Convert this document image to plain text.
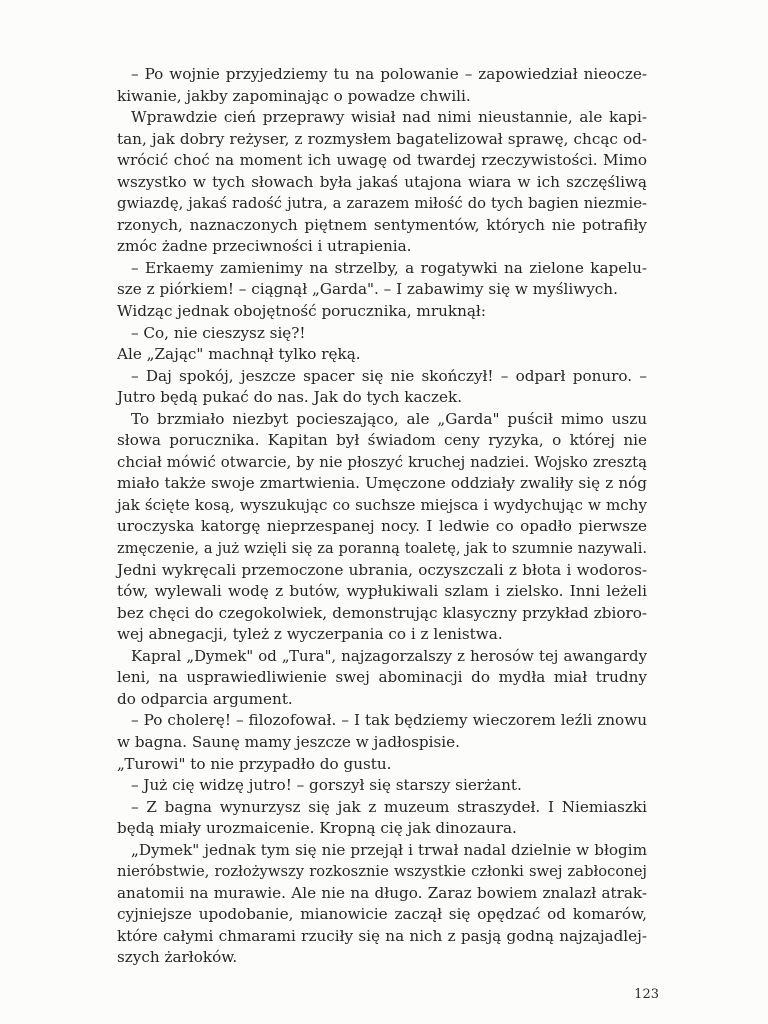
– Po wojnie przyjedziemy tu na polowanie – zapowiedział nieocze-
kiwanie, jakby zapominając o powadze chwili.
Wprawdzie cień przeprawy wisiał nad nimi nieustannie, ale kapi-
tan, jak dobry reżyser, z rozmysłem bagatelizował sprawę, chcąc od-
wrócić choć na moment ich uwagę od twardej rzeczywistości. Mimo
wszystko w tych słowach była jakaś utajona wiara w ich szczęśliwą
gwiazdę, jakaś radość jutra, a zarazem miłość do tych bagien niezmie-
rzonych, naznaczonych piętnem sentymentów, których nie potrafiły
zmóc żadne przeciwności i utrapienia.
– Erkaemy zamienimy na strzelby, a rogatywki na zielone kapelu-
sze z piórkiem! – ciągnął „Garda". – I zabawimy się w myśliwych.
Widząc jednak obojętność porucznika, mruknął:
– Co, nie cieszysz się?!
Ale „Zając" machnął tylko ręką.
– Daj spokój, jeszcze spacer się nie skończył! – odparł ponuro. –
Jutro będą pukać do nas. Jak do tych kaczek.
To brzmiało niezbyt pocieszająco, ale „Garda" puścił mimo uszu
słowa porucznika. Kapitan był świadom ceny ryzyka, o której nie
chciał mówić otwarcie, by nie płoszyć kruchej nadziei. Wojsko zresztą
miało także swoje zmartwienia. Umęczone oddziały zwaliły się z nóg
jak ścięte kosą, wyszukując co suchsze miejsca i wydychując w mchy
uroczyska katorgę nieprzespanej nocy. I ledwie co opadło pierwsze
zmęczenie, a już wzięli się za poranną toaletę, jak to szumnie nazywali.
Jedni wykręcali przemoczone ubrania, oczyszczali z błota i wodoros-
tów, wylewali wodę z butów, wypłukiwali szlam i zielsko. Inni leżeli
bez chęci do czegokolwiek, demonstrując klasyczny przykład zbioro-
wej abnegacji, tyleż z wyczerpania co i z lenistwa.
Kapral „Dymek" od „Tura", najzagorzalszy z herosów tej awangardy
leni, na usprawiedliwienie swej abominacji do mydła miał trudny
do odparcia argument.
– Po cholerę! – filozofował. – I tak będziemy wieczorem leźli znowu
w bagna. Saunę mamy jeszcze w jadłospisie.
„Turowi" to nie przypadło do gustu.
– Już cię widzę jutro! – gorszył się starszy sierżant.
– Z bagna wynurzysz się jak z muzeum straszydeł. I Niemiaszki
będą miały urozmaicenie. Kropną cię jak dinozaura.
„Dymek" jednak tym się nie przejął i trwał nadal dzielnie w błogim
nieróbstwie, rozłożywszy rozkosznie wszystkie członki swej zabłoconej
anatomii na murawie. Ale nie na długo. Zaraz bowiem znalazł atrak-
cyjniejsze upodobanie, mianowicie zaczął się opędzać od komarów,
które całymi chmarami rzuciły się na nich z pasją godną najzajadlej-
szych żarłoków.
123
